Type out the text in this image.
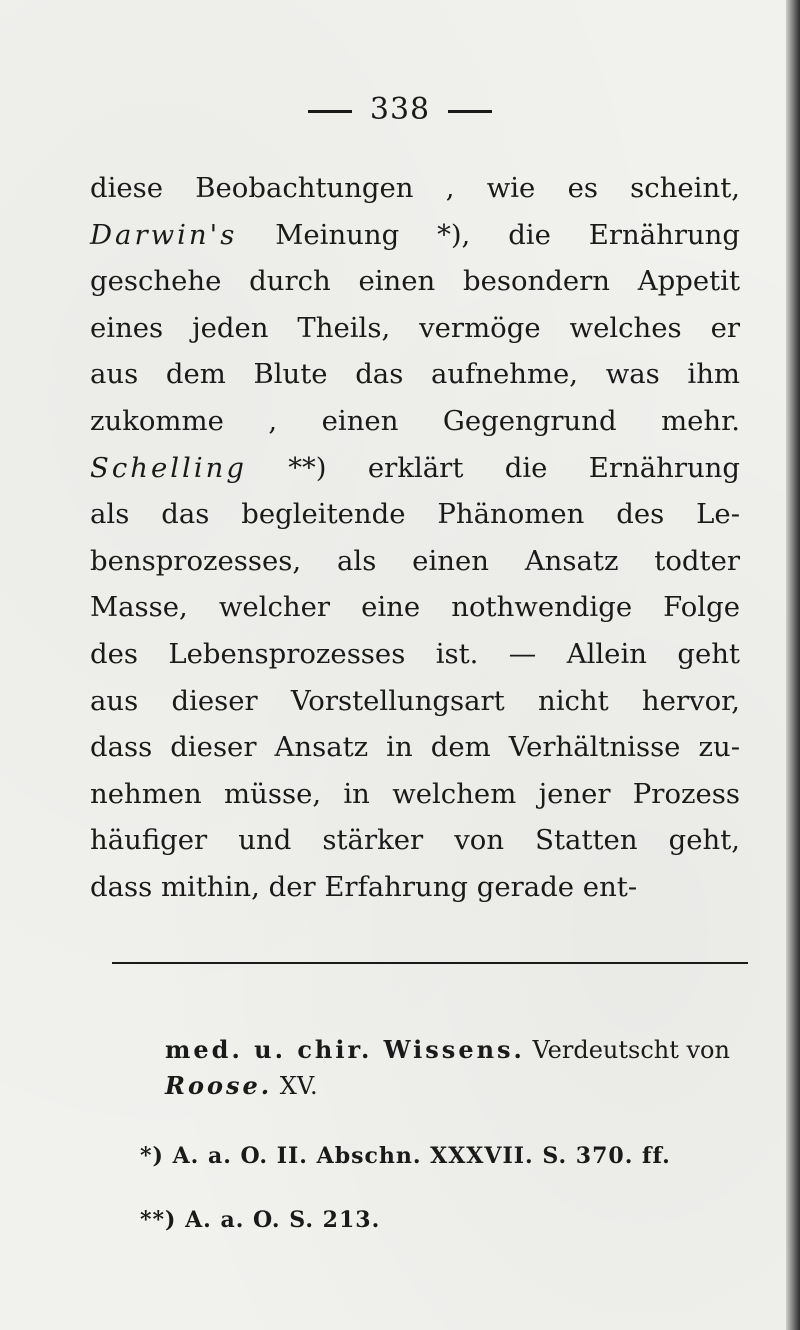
338
diese Beobachtungen , wie es scheint,
Darwin's Meinung *), die Ernährung
geschehe durch einen besondern Appetit
eines jeden Theils, vermöge welches er
aus dem Blute das aufnehme, was ihm
zukomme , einen Gegengrund mehr.
Schelling **) erklärt die Ernährung
als das begleitende Phänomen des Le-
bensprozesses, als einen Ansatz todter
Masse, welcher eine nothwendige Folge
des Lebensprozesses ist. — Allein geht
aus dieser Vorstellungsart nicht hervor,
dass dieser Ansatz in dem Verhältnisse zu-
nehmen müsse, in welchem jener Prozess
häufiger und stärker von Statten geht,
dass mithin, der Erfahrung gerade ent-
med. u. chir. Wissens. Verdeutscht von
Roose. XV.
*) A. a. O. II. Abschn. XXXVII. S. 370. ff.
**) A. a. O. S. 213.
